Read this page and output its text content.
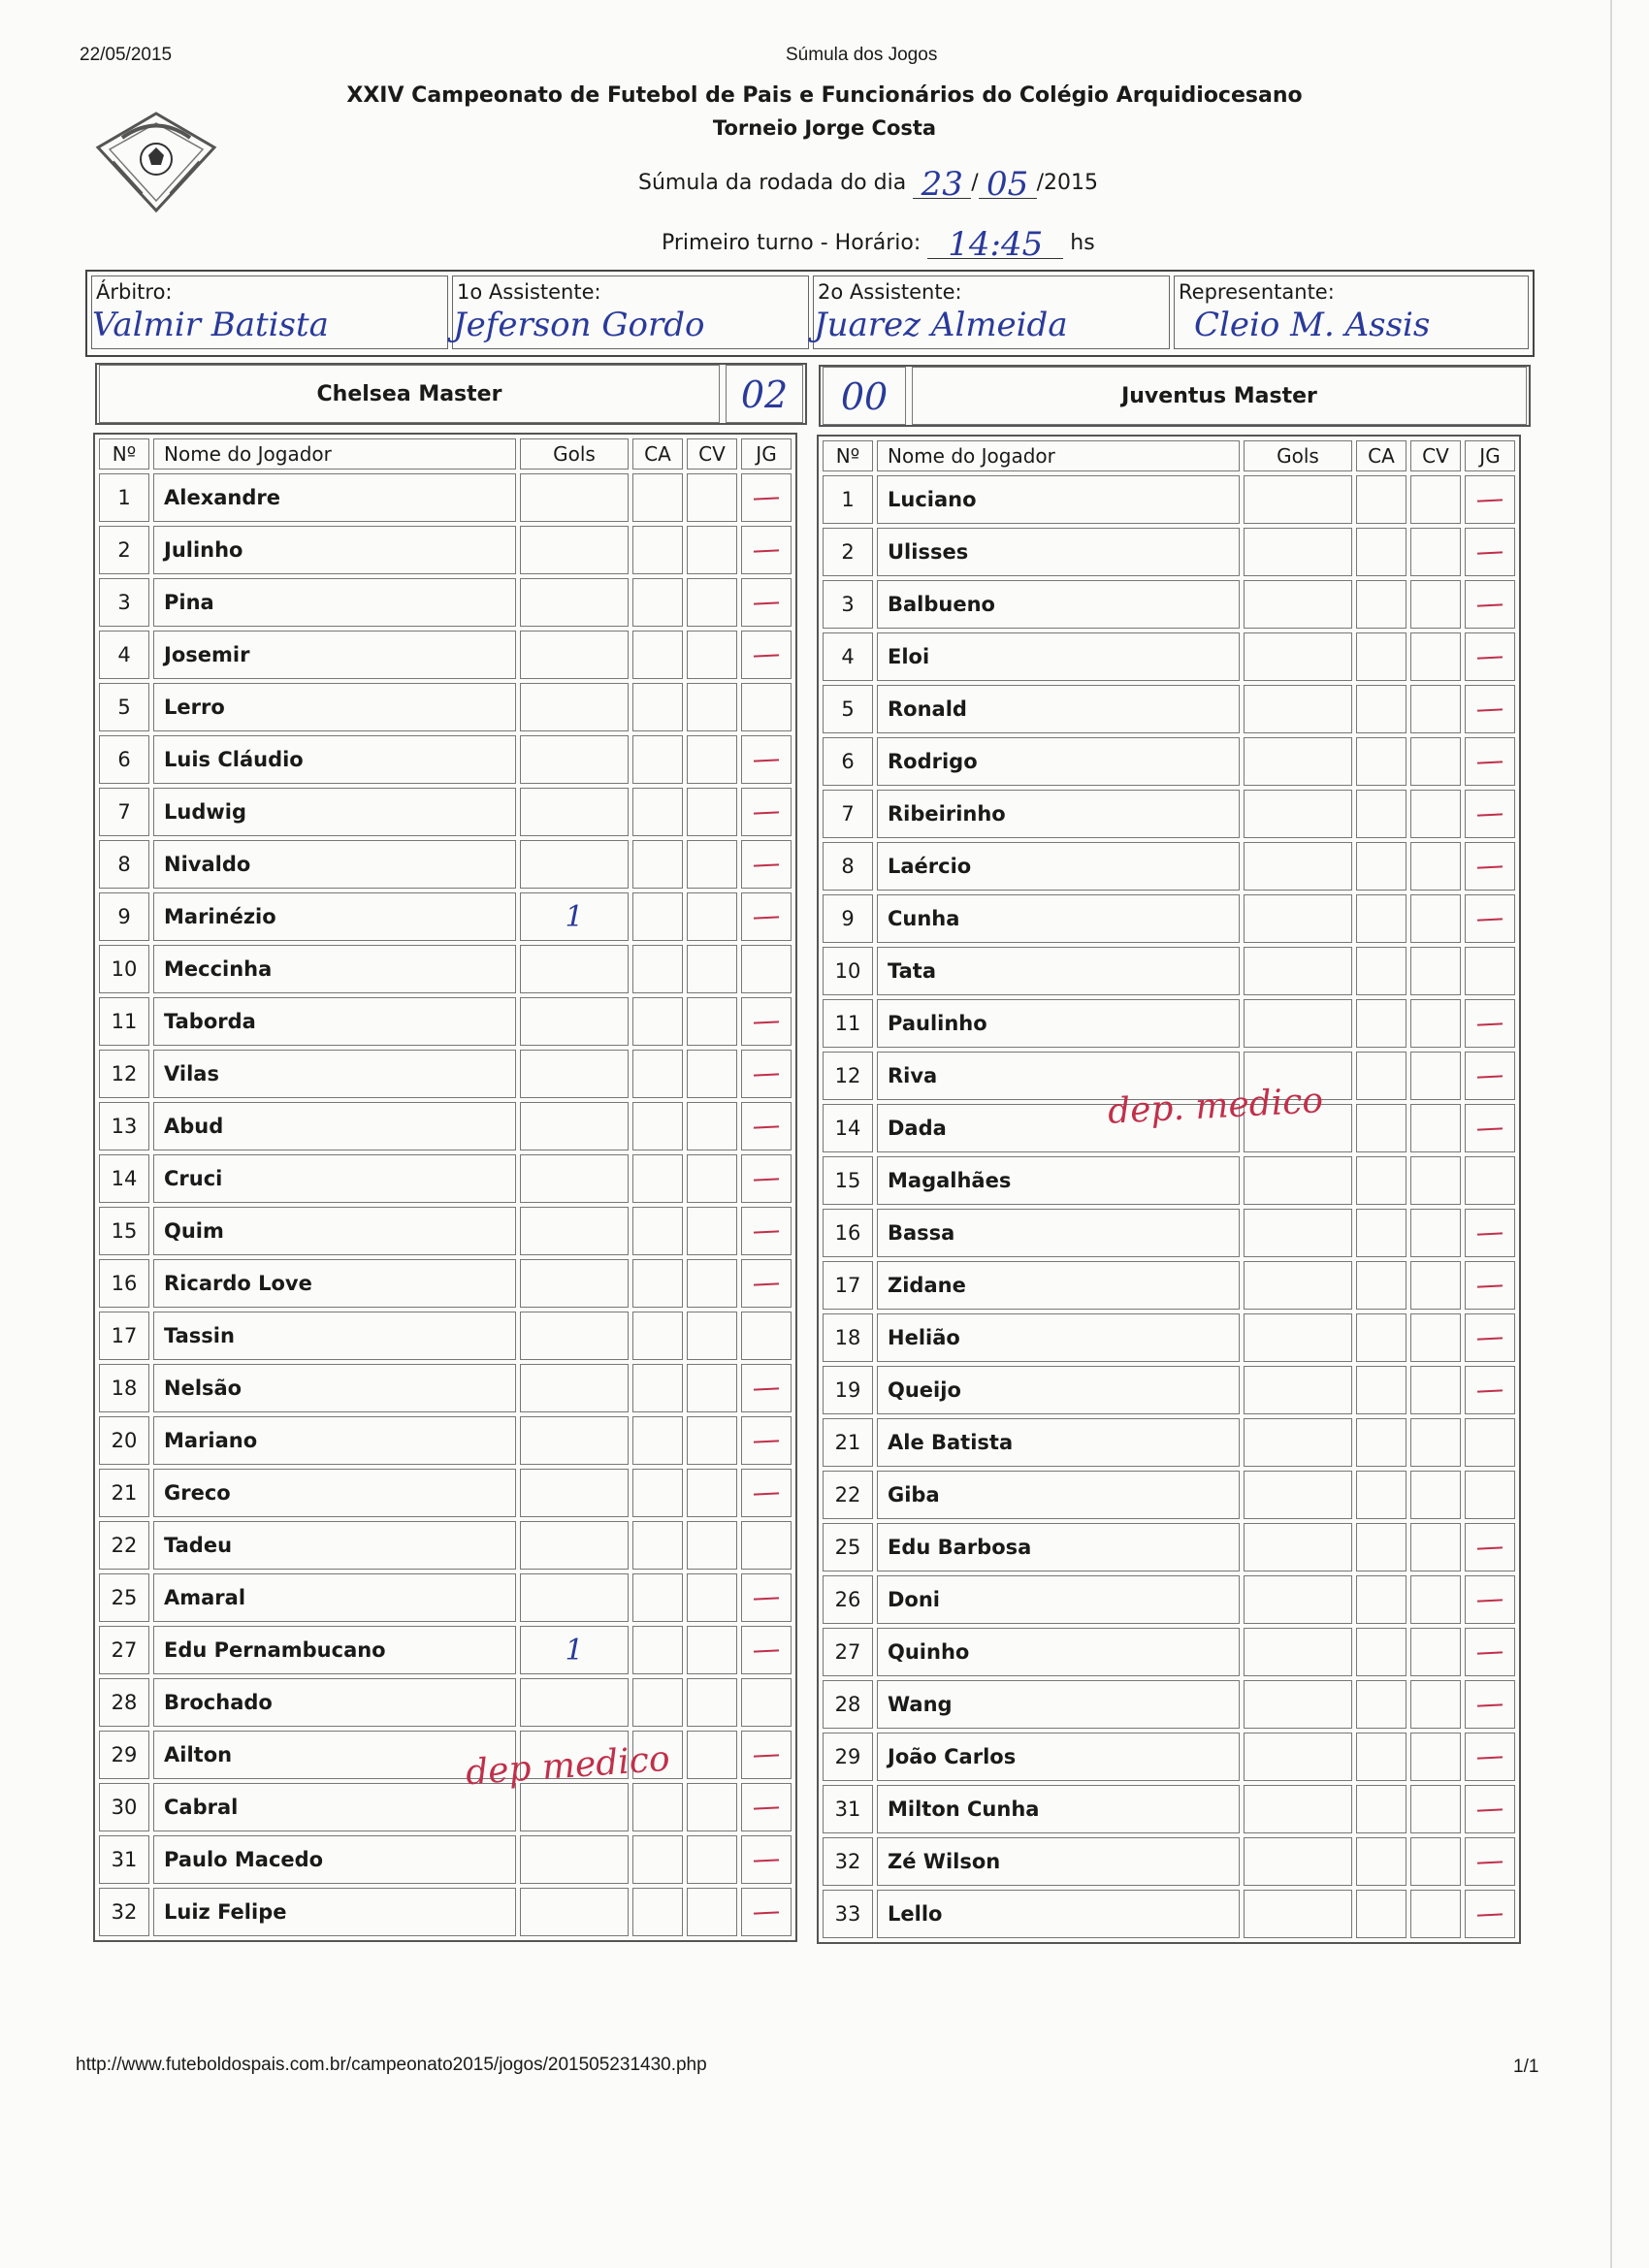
22/05/2015	Súmula dos Jogos
XXIV Campeonato de Futebol de Pais e Funcionários do Colégio Arquidiocesano
Torneio Jorge Costa
Súmula da rodada do dia 23 / 05 /2015
Primeiro turno - Horário: 14:45 hs
Árbitro:
Valmir Batista
1o Assistente:
Jeferson Gordo
2o Assistente:
Juarez Almeida
Representante:
Cleio M. Assis
Chelsea Master	02	00	Juventus Master
Nº	Nome do Jogador	Gols	CA	CV	JG
1	Alexandre				
2	Julinho				
3	Pina				
4	Josemir				
5	Lerro				
6	Luis Cláudio				
7	Ludwig				
8	Nivaldo				
9	Marinézio	1			
10	Meccinha				
11	Taborda				
12	Vilas				
13	Abud				
14	Cruci				
15	Quim				
16	Ricardo Love				
17	Tassin				
18	Nelsão				
20	Mariano				
21	Greco				
22	Tadeu				
25	Amaral				
27	Edu Pernambucano	1			
28	Brochado				
29	Ailton				
30	Cabral				
31	Paulo Macedo				
32	Luiz Felipe				
Nº	Nome do Jogador	Gols	CA	CV	JG
1	Luciano				
2	Ulisses				
3	Balbueno				
4	Eloi				
5	Ronald				
6	Rodrigo				
7	Ribeirinho				
8	Laércio				
9	Cunha				
10	Tata				
11	Paulinho				
12	Riva				
14	Dada				
15	Magalhães				
16	Bassa				
17	Zidane				
18	Helião				
19	Queijo				
21	Ale Batista				
22	Giba				
25	Edu Barbosa				
26	Doni				
27	Quinho				
28	Wang				
29	João Carlos				
31	Milton Cunha				
32	Zé Wilson				
33	Lello				
dep medico
dep. medico
http://www.futeboldospais.com.br/campeonato2015/jogos/201505231430.php	1/1
